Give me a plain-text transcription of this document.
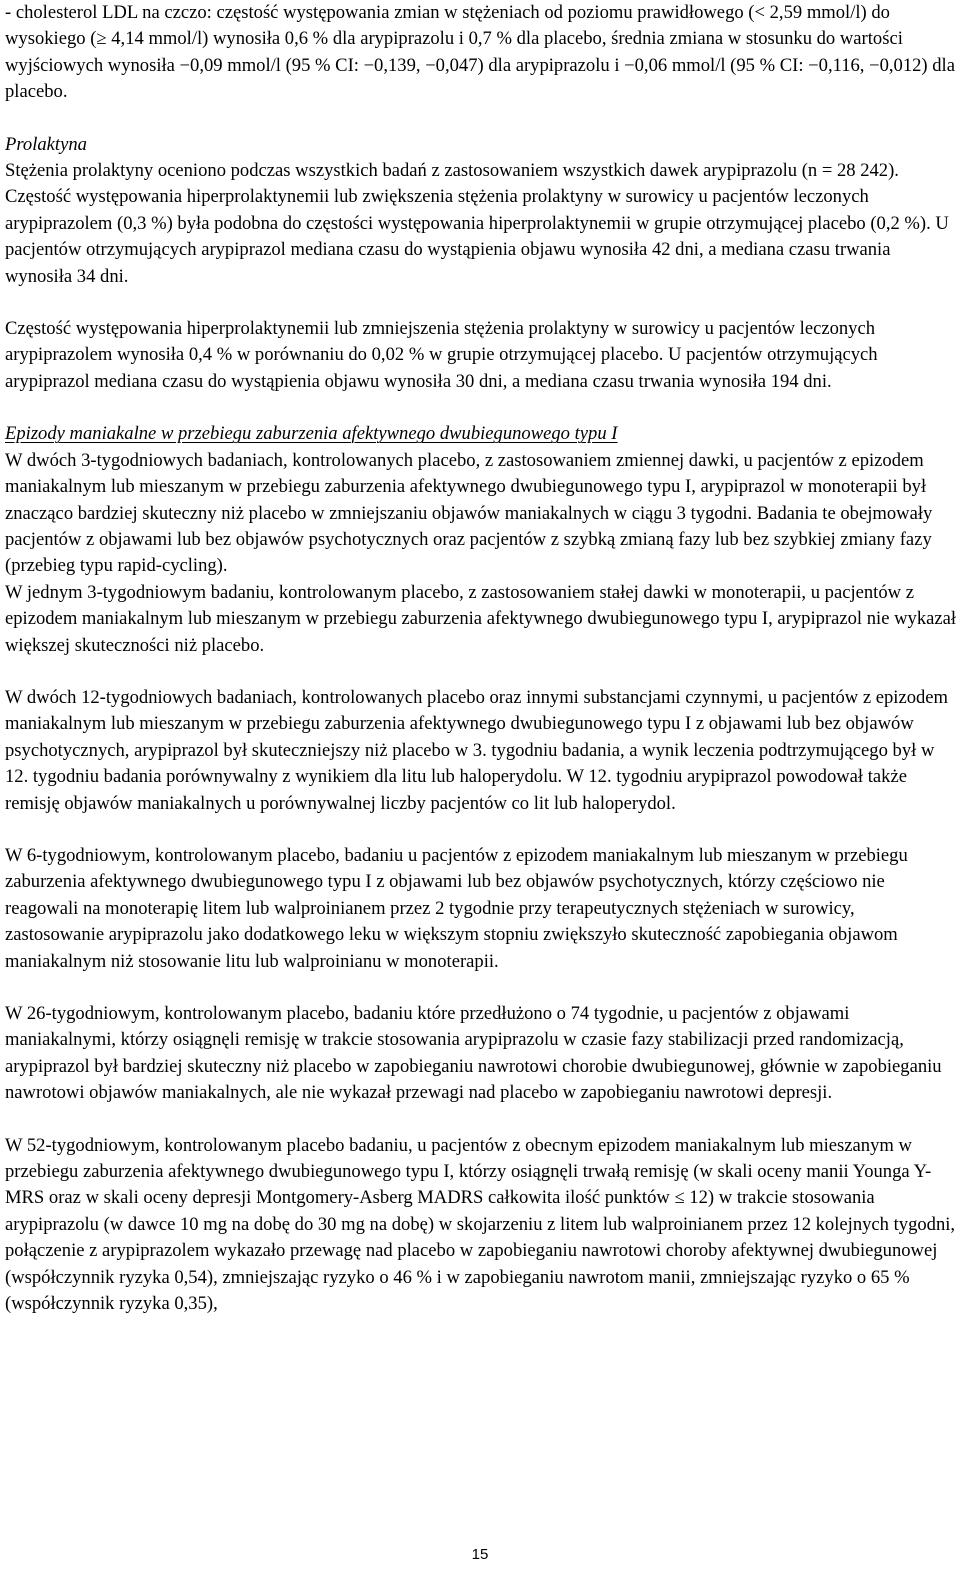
- cholesterol LDL na czczo: częstość występowania zmian w stężeniach od poziomu prawidłowego (< 2,59 mmol/l) do wysokiego (≥ 4,14 mmol/l) wynosiła 0,6 % dla arypiprazolu i 0,7 % dla placebo, średnia zmiana w stosunku do wartości wyjściowych wynosiła −0,09 mmol/l (95 % CI: −0,139, −0,047) dla arypiprazolu i −0,06 mmol/l (95 % CI: −0,116, −0,012) dla placebo.

Prolaktyna

Stężenia prolaktyny oceniono podczas wszystkich badań z zastosowaniem wszystkich dawek arypiprazolu (n = 28 242). Częstość występowania hiperprolaktynemii lub zwiększenia stężenia prolaktyny w surowicy u pacjentów leczonych arypiprazolem (0,3 %) była podobna do częstości występowania hiperprolaktynemii w grupie otrzymującej placebo (0,2 %). U pacjentów otrzymujących arypiprazol mediana czasu do wystąpienia objawu wynosiła 42 dni, a mediana czasu trwania wynosiła 34 dni.

Częstość występowania hiperprolaktynemii lub zmniejszenia stężenia prolaktyny w surowicy u pacjentów leczonych arypiprazolem wynosiła 0,4 % w porównaniu do 0,02 % w grupie otrzymującej placebo. U pacjentów otrzymujących arypiprazol mediana czasu do wystąpienia objawu wynosiła 30 dni, a mediana czasu trwania wynosiła 194 dni.

Epizody maniakalne w przebiegu zaburzenia afektywnego dwubiegunowego typu I

W dwóch 3-tygodniowych badaniach, kontrolowanych placebo, z zastosowaniem zmiennej dawki, u pacjentów z epizodem maniakalnym lub mieszanym w przebiegu zaburzenia afektywnego dwubiegunowego typu I, arypiprazol w monoterapii był znacząco bardziej skuteczny niż placebo w zmniejszaniu objawów maniakalnych w ciągu 3 tygodni. Badania te obejmowały pacjentów z objawami lub bez objawów psychotycznych oraz pacjentów z szybką zmianą fazy lub bez szybkiej zmiany fazy (przebieg typu rapid-cycling).

W jednym 3-tygodniowym badaniu, kontrolowanym placebo, z zastosowaniem stałej dawki w monoterapii, u pacjentów z epizodem maniakalnym lub mieszanym w przebiegu zaburzenia afektywnego dwubiegunowego typu I, arypiprazol nie wykazał większej skuteczności niż placebo.

W dwóch 12-tygodniowych badaniach, kontrolowanych placebo oraz innymi substancjami czynnymi, u pacjentów z epizodem maniakalnym lub mieszanym w przebiegu zaburzenia afektywnego dwubiegunowego typu I z objawami lub bez objawów psychotycznych, arypiprazol był skuteczniejszy niż placebo w 3. tygodniu badania, a wynik leczenia podtrzymującego był w 12. tygodniu badania porównywalny z wynikiem dla litu lub haloperydolu. W 12. tygodniu arypiprazol powodował także remisję objawów maniakalnych u porównywalnej liczby pacjentów co lit lub haloperydol.

W 6-tygodniowym, kontrolowanym placebo, badaniu u pacjentów z epizodem maniakalnym lub mieszanym w przebiegu zaburzenia afektywnego dwubiegunowego typu I z objawami lub bez objawów psychotycznych, którzy częściowo nie reagowali na monoterapię litem lub walproinianem przez 2 tygodnie przy terapeutycznych stężeniach w surowicy, zastosowanie arypiprazolu jako dodatkowego leku w większym stopniu zwiększyło skuteczność zapobiegania objawom maniakalnym niż stosowanie litu lub walproinianu w monoterapii.

W 26-tygodniowym, kontrolowanym placebo, badaniu które przedłużono o 74 tygodnie, u pacjentów z objawami maniakalnymi, którzy osiągnęli remisję w trakcie stosowania arypiprazolu w czasie fazy stabilizacji przed randomizacją, arypiprazol był bardziej skuteczny niż placebo w zapobieganiu nawrotowi chorobie dwubiegunowej, głównie w zapobieganiu nawrotowi objawów maniakalnych, ale nie wykazał przewagi nad placebo w zapobieganiu nawrotowi depresji.

W 52-tygodniowym, kontrolowanym placebo badaniu, u pacjentów z obecnym epizodem maniakalnym lub mieszanym w przebiegu zaburzenia afektywnego dwubiegunowego typu I, którzy osiągnęli trwałą remisję (w skali oceny manii Younga Y-MRS oraz w skali oceny depresji Montgomery-Asberg MADRS całkowita ilość punktów ≤ 12) w trakcie stosowania arypiprazolu (w dawce 10 mg na dobę do 30 mg na dobę) w skojarzeniu z litem lub walproinianem przez 12 kolejnych tygodni, połączenie z arypiprazolem wykazało przewagę nad placebo w zapobieganiu nawrotowi choroby afektywnej dwubiegunowej (współczynnik ryzyka 0,54), zmniejszając ryzyko o 46 % i w zapobieganiu nawrotom manii, zmniejszając ryzyko o 65 % (współczynnik ryzyka 0,35),

15
